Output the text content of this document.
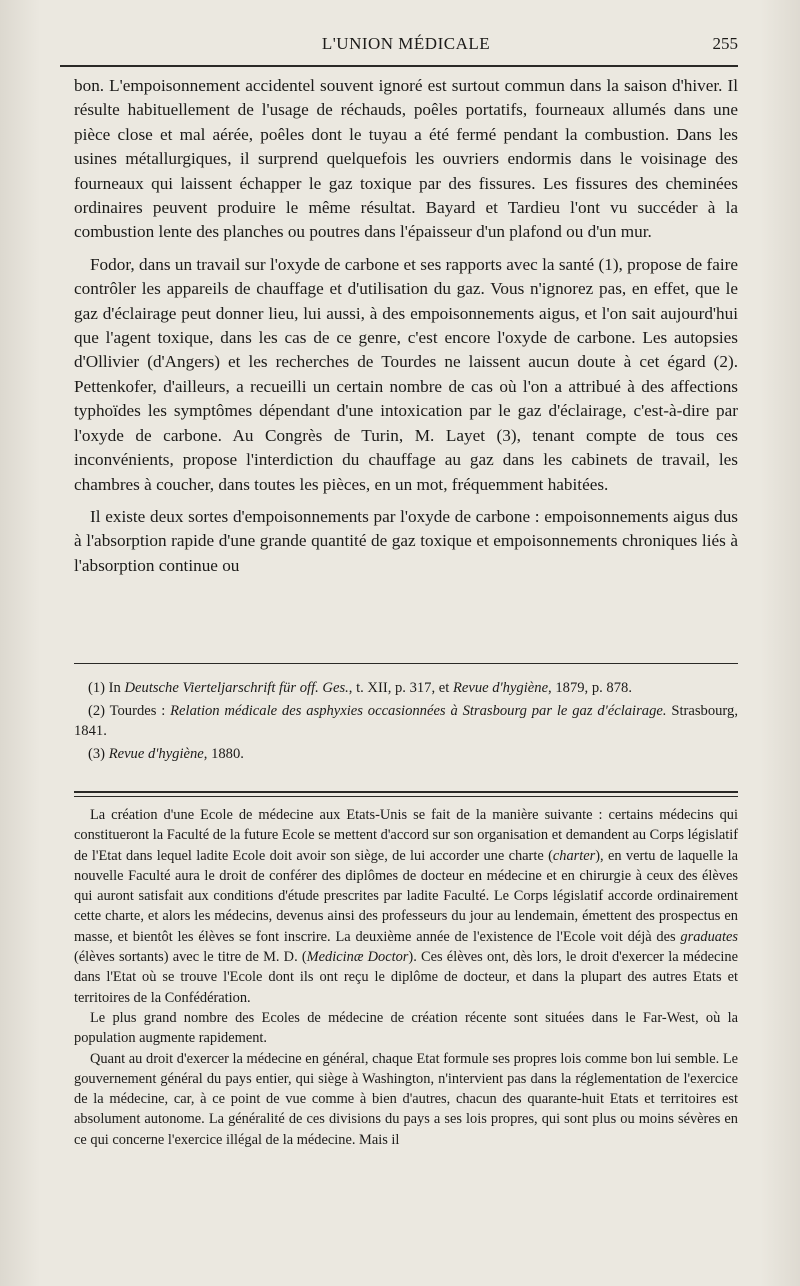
L'UNION MÉDICALE	255

bon. L'empoisonnement accidentel souvent ignoré est surtout commun dans la saison d'hiver. Il résulte habituellement de l'usage de réchauds, poêles portatifs, fourneaux allumés dans une pièce close et mal aérée, poêles dont le tuyau a été fermé pendant la combustion. Dans les usines métallurgiques, il surprend quelquefois les ouvriers endormis dans le voisinage des fourneaux qui laissent échapper le gaz toxique par des fissures. Les fissures des cheminées ordinaires peuvent produire le même résultat. Bayard et Tardieu l'ont vu succéder à la combustion lente des planches ou poutres dans l'épaisseur d'un plafond ou d'un mur.

Fodor, dans un travail sur l'oxyde de carbone et ses rapports avec la santé (1), propose de faire contrôler les appareils de chauffage et d'utilisation du gaz. Vous n'ignorez pas, en effet, que le gaz d'éclairage peut donner lieu, lui aussi, à des empoisonnements aigus, et l'on sait aujourd'hui que l'agent toxique, dans les cas de ce genre, c'est encore l'oxyde de carbone. Les autopsies d'Ollivier (d'Angers) et les recherches de Tourdes ne laissent aucun doute à cet égard (2). Pettenkofer, d'ailleurs, a recueilli un certain nombre de cas où l'on a attribué à des affections typhoïdes les symptômes dépendant d'une intoxication par le gaz d'éclairage, c'est-à-dire par l'oxyde de carbone. Au Congrès de Turin, M. Layet (3), tenant compte de tous ces inconvénients, propose l'interdiction du chauffage au gaz dans les cabinets de travail, les chambres à coucher, dans toutes les pièces, en un mot, fréquemment habitées.

Il existe deux sortes d'empoisonnements par l'oxyde de carbone : empoisonnements aigus dus à l'absorption rapide d'une grande quantité de gaz toxique et empoisonnements chroniques liés à l'absorption continue ou

(1) In Deutsche Vierteljarschrift für off. Ges., t. XII, p. 317, et Revue d'hygiène, 1879, p. 878.

(2) Tourdes : Relation médicale des asphyxies occasionnées à Strasbourg par le gaz d'éclairage. Strasbourg, 1841.

(3) Revue d'hygiène, 1880.

La création d'une Ecole de médecine aux Etats-Unis se fait de la manière suivante : certains médecins qui constitueront la Faculté de la future Ecole se mettent d'accord sur son organisation et demandent au Corps législatif de l'Etat dans lequel ladite Ecole doit avoir son siège, de lui accorder une charte (charter), en vertu de laquelle la nouvelle Faculté aura le droit de conférer des diplômes de docteur en médecine et en chirurgie à ceux des élèves qui auront satisfait aux conditions d'étude prescrites par ladite Faculté. Le Corps législatif accorde ordinairement cette charte, et alors les médecins, devenus ainsi des professeurs du jour au lendemain, émettent des prospectus en masse, et bientôt les élèves se font inscrire. La deuxième année de l'existence de l'Ecole voit déjà des graduates (élèves sortants) avec le titre de M. D. (Medicinæ Doctor). Ces élèves ont, dès lors, le droit d'exercer la médecine dans l'Etat où se trouve l'Ecole dont ils ont reçu le diplôme de docteur, et dans la plupart des autres Etats et territoires de la Confédération.

Le plus grand nombre des Ecoles de médecine de création récente sont situées dans le Far-West, où la population augmente rapidement.

Quant au droit d'exercer la médecine en général, chaque Etat formule ses propres lois comme bon lui semble. Le gouvernement général du pays entier, qui siège à Washington, n'intervient pas dans la réglementation de l'exercice de la médecine, car, à ce point de vue comme à bien d'autres, chacun des quarante-huit Etats et territoires est absolument autonome. La généralité de ces divisions du pays a ses lois propres, qui sont plus ou moins sévères en ce qui concerne l'exercice illégal de la médecine. Mais il
